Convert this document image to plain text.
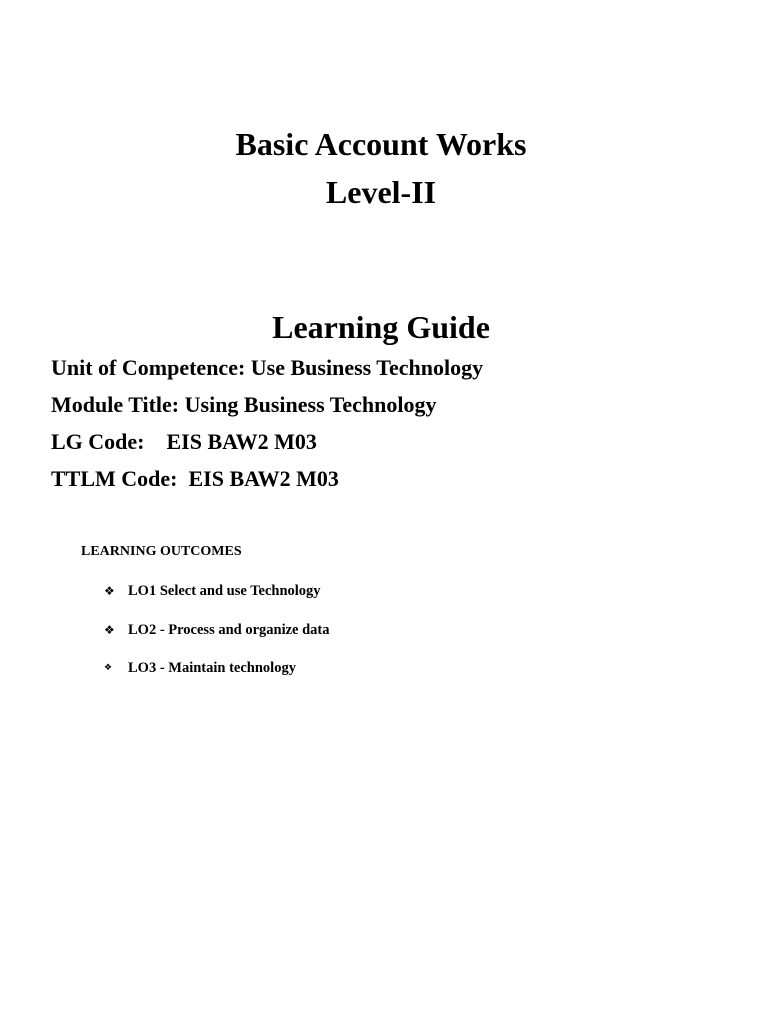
Basic Account Works
Level-II
Learning Guide
Unit of Competence: Use Business Technology
Module Title: Using Business Technology
LG Code:    EIS BAW2 M03
TTLM Code:  EIS BAW2 M03
LEARNING OUTCOMES
❖ LO1 Select and use Technology
❖ LO2 - Process and organize data
❖	LO3 - Maintain technology
